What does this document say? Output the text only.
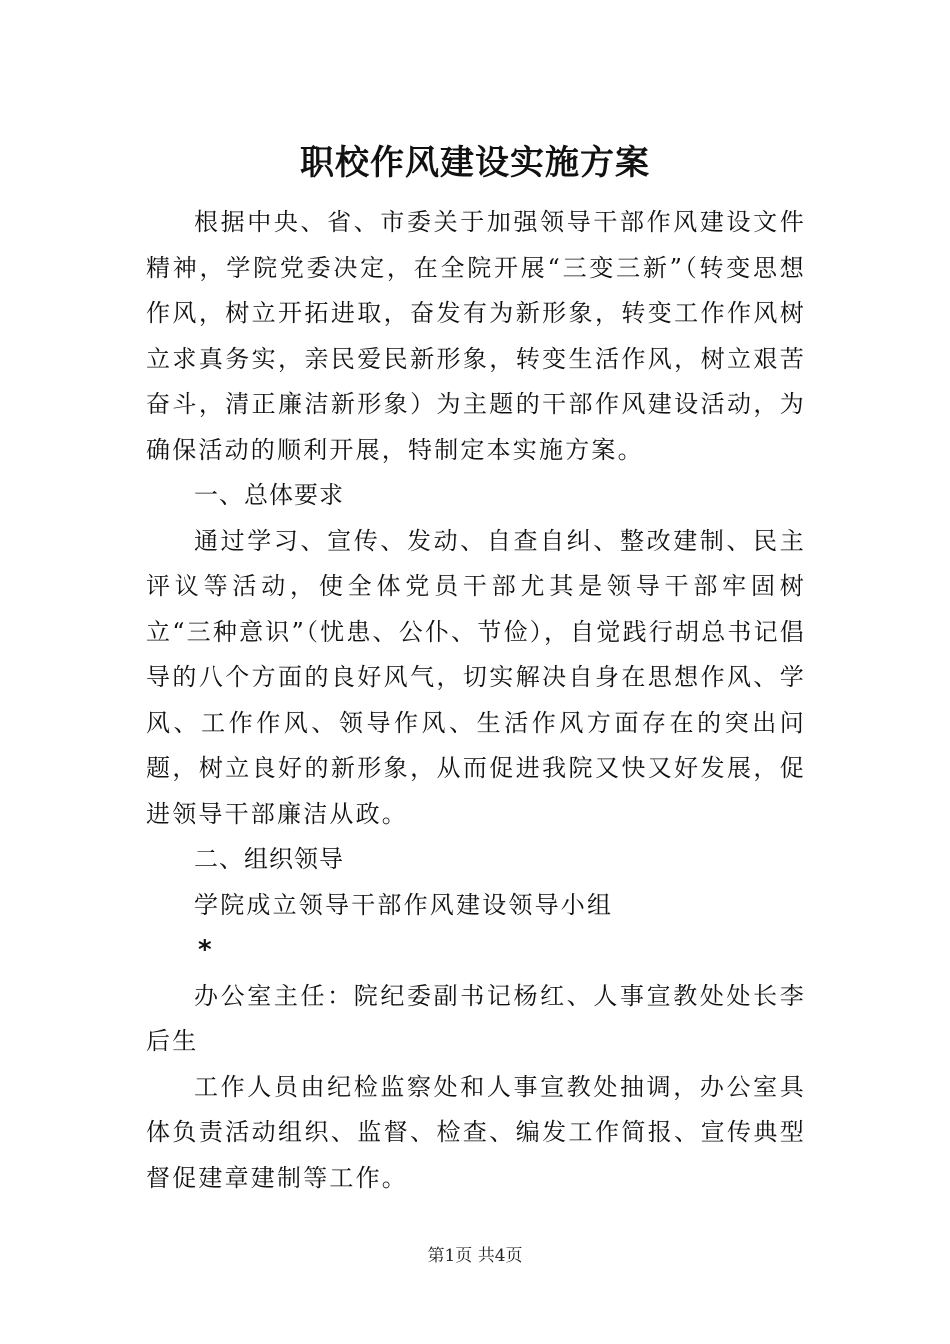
职校作风建设实施方案

根据中央、省、市委关于加强领导干部作风建设文件精神，学院党委决定，在全院开展“三变三新”（转变思想作风，树立开拓进取，奋发有为新形象，转变工作作风树立求真务实，亲民爱民新形象，转变生活作风，树立艰苦奋斗，清正廉洁新形象）为主题的干部作风建设活动，为确保活动的顺利开展，特制定本实施方案。

一、总体要求

通过学习、宣传、发动、自查自纠、整改建制、民主评议等活动，使全体党员干部尤其是领导干部牢固树立“三种意识”（忧患、公仆、节俭），自觉践行胡总书记倡导的八个方面的良好风气，切实解决自身在思想作风、学风、工作作风、领导作风、生活作风方面存在的突出问题，树立良好的新形象，从而促进我院又快又好发展，促进领导干部廉洁从政。

二、组织领导

学院成立领导干部作风建设领导小组

*

办公室主任：院纪委副书记杨红、人事宣教处处长李后生

工作人员由纪检监察处和人事宣教处抽调，办公室具体负责活动组织、监督、检查、编发工作简报、宣传典型督促建章建制等工作。

第1页 共4页
